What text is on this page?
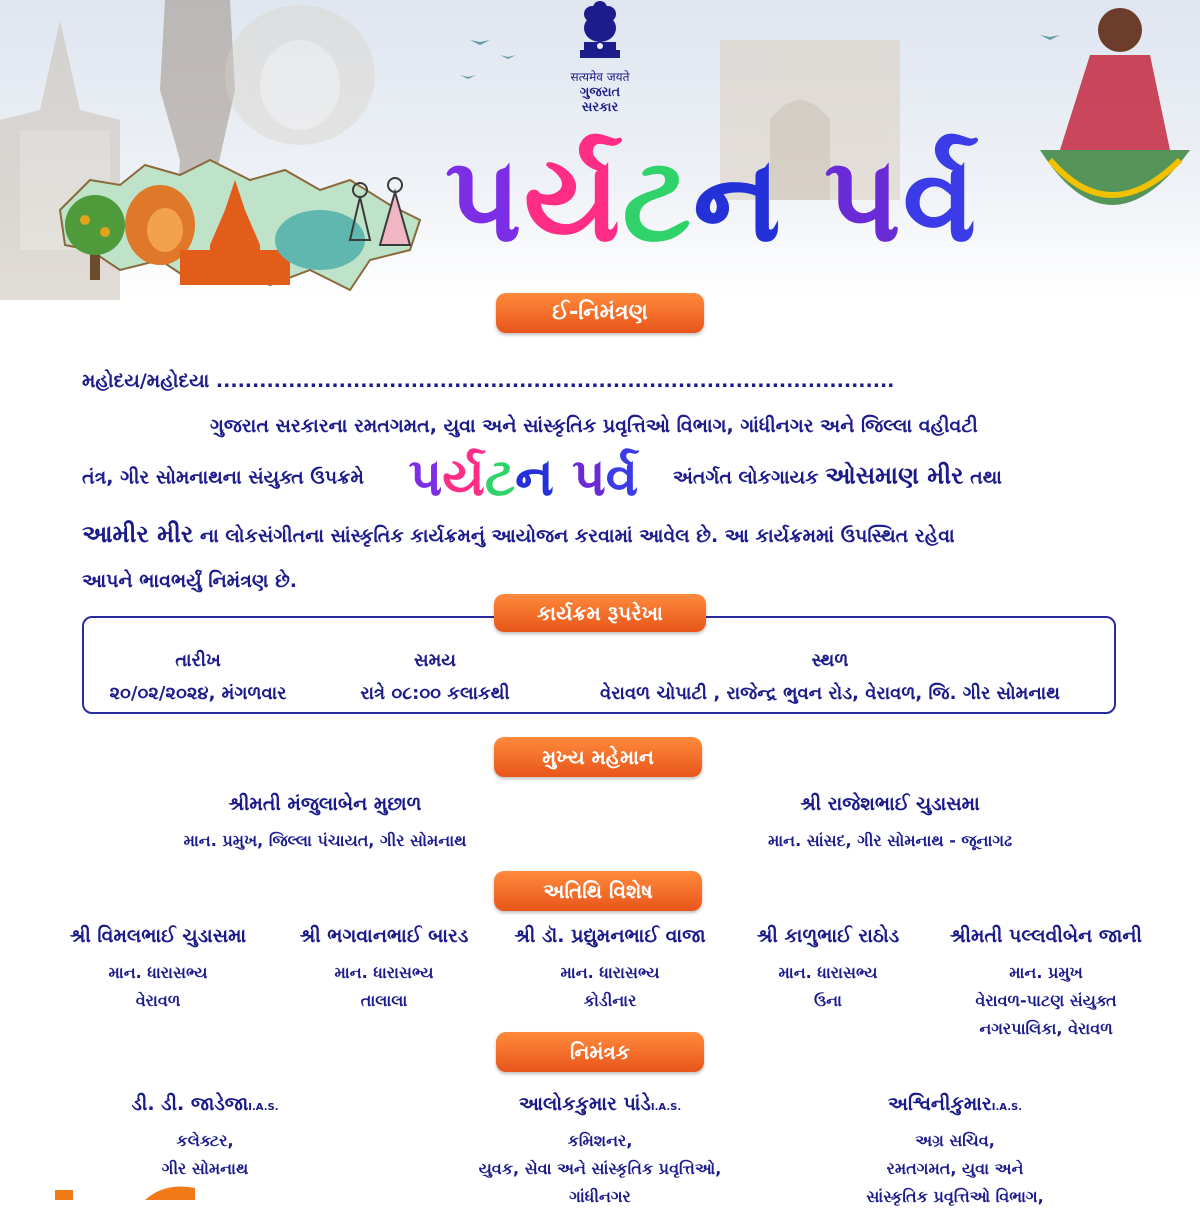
सत्यमेव जयते
ગુજરાત સરકાર
પર્યટન પર્વ
ઈ-નિમંત્રણ
મહોદય/મહોદયા ..............................................................................................
ગુજરાત સરકારના રમતગમત, યુવા અને સાંસ્કૃતિક પ્રવૃત્તિઓ વિભાગ, ગાંધીનગર અને જિલ્લા વહીવટી
તંત્ર, ગીર સોમનાથના સંયુક્ત ઉપક્રમે પર્યટન પર્વ અંતર્ગત લોકગાયક ઓસમાણ મીર તથા
આમીર મીર ના લોકસંગીતના સાંસ્કૃતિક કાર્યક્રમનું આયોજન કરવામાં આવેલ છે. આ કાર્યક્રમમાં ઉપસ્થિત રહેવા
આપને ભાવભર્યું નિમંત્રણ છે.
કાર્યક્રમ રૂપરેખા
તારીખ
૨૦/૦૨/૨૦૨૪, મંગળવાર
સમય
રાત્રે ૦૮:૦૦ કલાકથી
સ્થળ
વેરાવળ ચોપાટી , રાજેન્દ્ર ભુવન રોડ, વેરાવળ, જિ. ગીર સોમનાથ
મુખ્ય મહેમાન
શ્રીમતી મંજુલાબેન મુછાળ
માન. પ્રમુખ, જિલ્લા પંચાયત, ગીર સોમનાથ
શ્રી રાજેશભાઈ ચુડાસમા
માન. સાંસદ, ગીર સોમનાથ - જૂનાગઢ
અતિથિ વિશેષ
શ્રી વિમલભાઈ ચુડાસમા
માન. ધારાસભ્ય
વેરાવળ
શ્રી ભગવાનભાઈ બારડ
માન. ધારાસભ્ય
તાલાલા
શ્રી ડૉ. પ્રદ્યુમનભાઈ વાજા
માન. ધારાસભ્ય
કોડીનાર
શ્રી કાળુભાઈ રાઠોડ
માન. ધારાસભ્ય
ઉના
શ્રીમતી પલ્લવીબેન જાની
માન. પ્રમુખ
વેરાવળ-પાટણ સંયુક્ત
નગરપાલિકા, વેરાવળ
નિમંત્રક
ડી. ડી. જાડેજાI.A.S.
કલેક્ટર,
ગીર સોમનાથ
આલોકકુમાર પાંડેI.A.S.
કમિશનર,
યુવક, સેવા અને સાંસ્કૃતિક પ્રવૃત્તિઓ,
ગાંધીનગર
અશ્વિનીકુમારI.A.S.
અગ્ર સચિવ,
રમતગમત, યુવા અને
સાંસ્કૃતિક પ્રવૃત્તિઓ વિભાગ,
